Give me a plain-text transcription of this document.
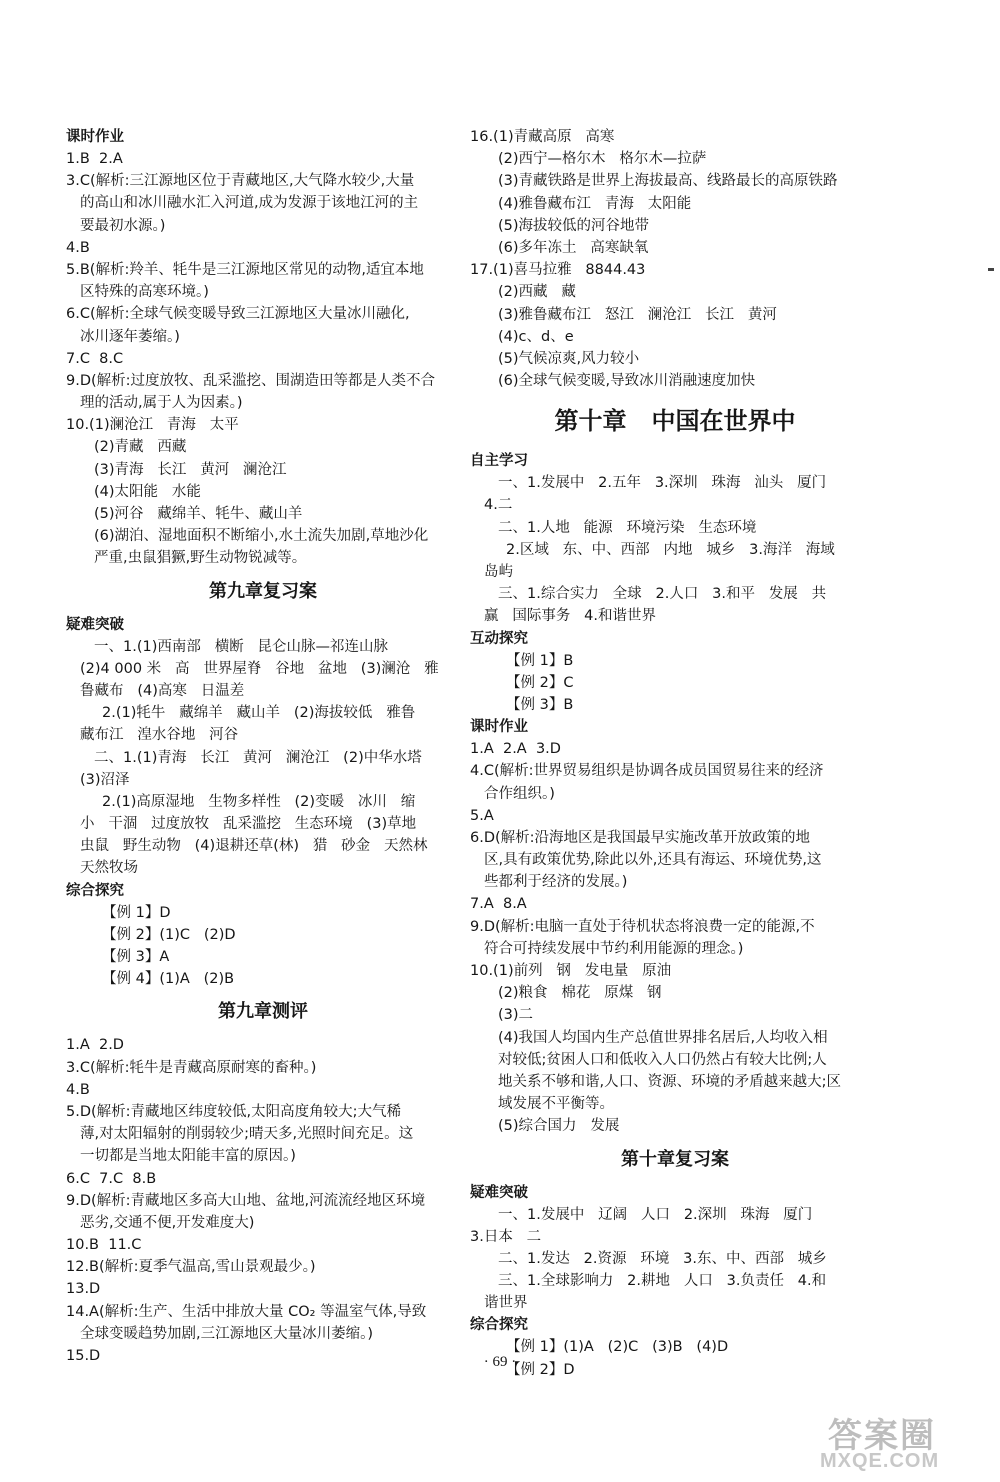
课时作业
1.B  2.A
3.C(解析:三江源地区位于青藏地区,大气降水较少,大量
的高山和冰川融水汇入河道,成为发源于该地江河的主
要最初水源。)
4.B
5.B(解析:羚羊、牦牛是三江源地区常见的动物,适宜本地
区特殊的高寒环境。)
6.C(解析:全球气候变暖导致三江源地区大量冰川融化,
冰川逐年萎缩。)
7.C  8.C
9.D(解析:过度放牧、乱采滥挖、围湖造田等都是人类不合
理的活动,属于人为因素。)
10.(1)澜沧江   青海   太平
(2)青藏   西藏
(3)青海   长江   黄河   澜沧江
(4)太阳能   水能
(5)河谷   藏绵羊、牦牛、藏山羊
(6)湖泊、湿地面积不断缩小,水土流失加剧,草地沙化
严重,虫鼠猖獗,野生动物锐减等。
第九章复习案
疑难突破
一、1.(1)西南部   横断   昆仑山脉—祁连山脉
(2)4 000 米   高   世界屋脊   谷地   盆地   (3)澜沧   雅
鲁藏布   (4)高寒   日温差
2.(1)牦牛   藏绵羊   藏山羊   (2)海拔较低   雅鲁
藏布江   湟水谷地   河谷
二、1.(1)青海   长江   黄河   澜沧江   (2)中华水塔
(3)沼泽
2.(1)高原湿地   生物多样性   (2)变暖   冰川   缩
小   干涸   过度放牧   乱采滥挖   生态环境   (3)草地
虫鼠   野生动物   (4)退耕还草(林)   猎   砂金   天然林
天然牧场
综合探究
【例 1】D
【例 2】(1)C   (2)D
【例 3】A
【例 4】(1)A   (2)B
第九章测评
1.A  2.D
3.C(解析:牦牛是青藏高原耐寒的畜种。)
4.B
5.D(解析:青藏地区纬度较低,太阳高度角较大;大气稀
薄,对太阳辐射的削弱较少;晴天多,光照时间充足。这
一切都是当地太阳能丰富的原因。)
6.C  7.C  8.B
9.D(解析:青藏地区多高大山地、盆地,河流流经地区环境
恶劣,交通不便,开发难度大)
10.B  11.C
12.B(解析:夏季气温高,雪山景观最少。)
13.D
14.A(解析:生产、生活中排放大量 CO₂ 等温室气体,导致
全球变暖趋势加剧,三江源地区大量冰川萎缩。)
15.D
16.(1)青藏高原   高寒
(2)西宁—格尔木   格尔木—拉萨
(3)青藏铁路是世界上海拔最高、线路最长的高原铁路
(4)雅鲁藏布江   青海   太阳能
(5)海拔较低的河谷地带
(6)多年冻土   高寒缺氧
17.(1)喜马拉雅   8844.43
(2)西藏   藏
(3)雅鲁藏布江   怒江   澜沧江   长江   黄河
(4)c、d、e
(5)气候凉爽,风力较小
(6)全球气候变暖,导致冰川消融速度加快
第十章   中国在世界中
自主学习
一、1.发展中   2.五年   3.深圳   珠海   汕头   厦门
4.二
二、1.人地   能源   环境污染   生态环境
2.区域   东、中、西部   内地   城乡   3.海洋   海域
岛屿
三、1.综合实力   全球   2.人口   3.和平   发展   共
赢   国际事务   4.和谐世界
互动探究
【例 1】B
【例 2】C
【例 3】B
课时作业
1.A  2.A  3.D
4.C(解析:世界贸易组织是协调各成员国贸易往来的经济
合作组织。)
5.A
6.D(解析:沿海地区是我国最早实施改革开放政策的地
区,具有政策优势,除此以外,还具有海运、环境优势,这
些都利于经济的发展。)
7.A  8.A
9.D(解析:电脑一直处于待机状态将浪费一定的能源,不
符合可持续发展中节约利用能源的理念。)
10.(1)前列   钢   发电量   原油
(2)粮食   棉花   原煤   钢
(3)二
(4)我国人均国内生产总值世界排名居后,人均收入相
对较低;贫困人口和低收入人口仍然占有较大比例;人
地关系不够和谐,人口、资源、环境的矛盾越来越大;区
域发展不平衡等。
(5)综合国力   发展
第十章复习案
疑难突破
一、1.发展中   辽阔   人口   2.深圳   珠海   厦门
3.日本   二
二、1.发达   2.资源   环境   3.东、中、西部   城乡
三、1.全球影响力   2.耕地   人口   3.负责任   4.和
谐世界
综合探究
【例 1】(1)A   (2)C   (3)B   (4)D
【例 2】D
· 69 ·
答案圈
MXQE.COM
